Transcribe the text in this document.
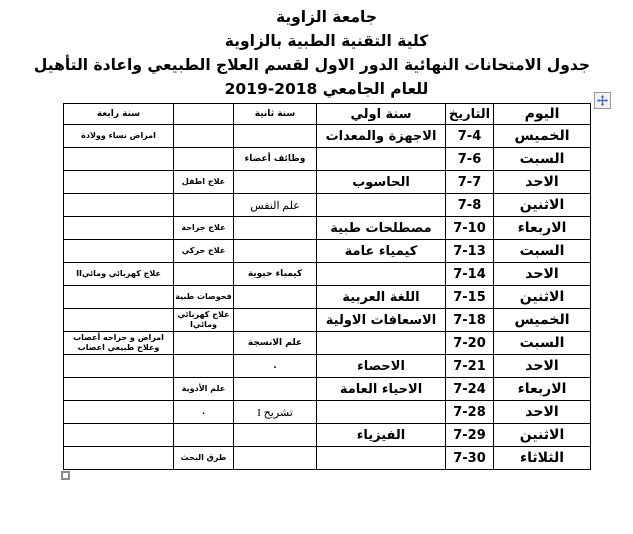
جامعة الزاوية
كلية التقنية الطبية بالزاوية
جدول الامتحانات النهائية الدور الاول لقسم العلاج الطبيعي واعادة التأهيل
للعام الجامعي 2018-2019
اليوم	التاريخ	سنة اولي	سنة ثانية		سنة رابعة
الخميس	7-4	الاجهزة والمعدات			امراض نساء وولادة
السبت	7-6		وظائف أعضاء		
الاحد	7-7	الحاسوب		علاج اطفل	
الاثنين	7-8		علم النفس		
الاربعاء	7-10	مصطلحات طبية		علاج جراحة	
السبت	7-13	كيمياء عامة		علاج حركي	
الاحد	7-14		كيمياء حيوية		علاج كهربائي ومائيII
الاثنين	7-15	اللغة العربية		فحوصات طبية	
الخميس	7-18	الاسعافات الاولية		علاج كهربائي ومائيI	
السبت	7-20		علم الانسجة		امراض و جراحه أعصاب وعلاج طبيعي اعصاب
الاحد	7-21	الاحصاء	.		
الاربعاء	7-24	الاحياء العامة		علم الأدوية	
الاحد	7-28		تشريح I	.	
الاثنين	7-29	الفيزياء			
الثلاثاء	7-30			طرق البحث	
